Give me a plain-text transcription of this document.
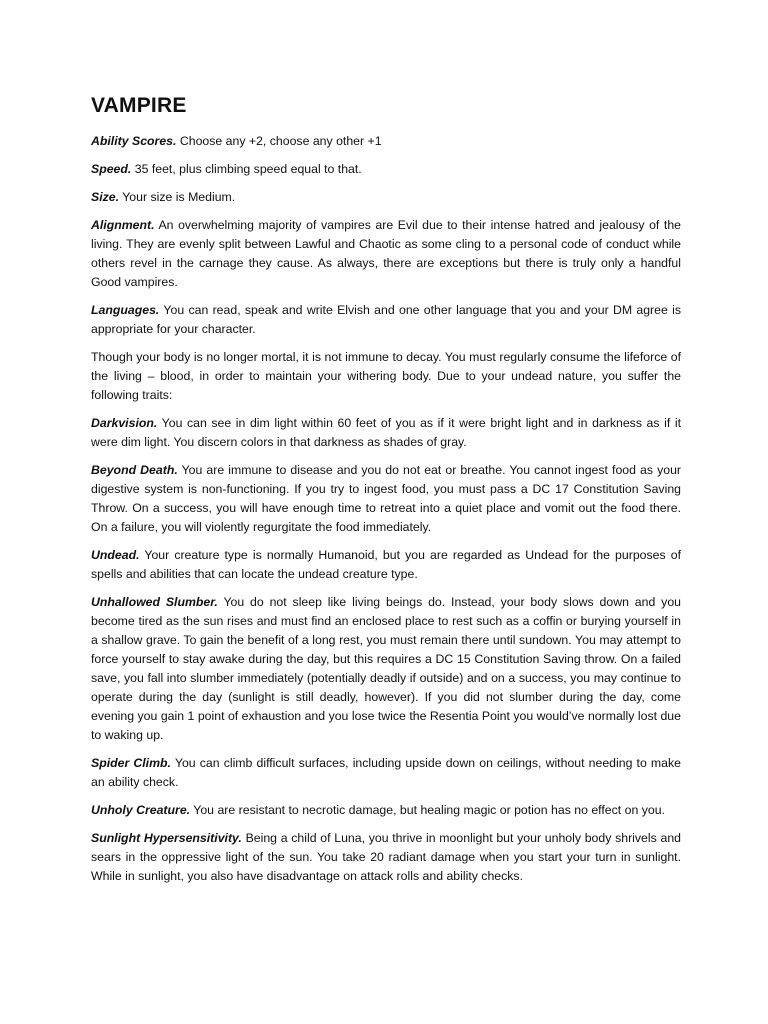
VAMPIRE

Ability Scores. Choose any +2, choose any other +1

Speed. 35 feet, plus climbing speed equal to that.

Size. Your size is Medium.

Alignment. An overwhelming majority of vampires are Evil due to their intense hatred and jealousy of the living. They are evenly split between Lawful and Chaotic as some cling to a personal code of conduct while others revel in the carnage they cause. As always, there are exceptions but there is truly only a handful Good vampires.

Languages. You can read, speak and write Elvish and one other language that you and your DM agree is appropriate for your character.

Though your body is no longer mortal, it is not immune to decay. You must regularly consume the lifeforce of the living – blood, in order to maintain your withering body. Due to your undead nature, you suffer the following traits:

Darkvision. You can see in dim light within 60 feet of you as if it were bright light and in darkness as if it were dim light. You discern colors in that darkness as shades of gray.

Beyond Death. You are immune to disease and you do not eat or breathe. You cannot ingest food as your digestive system is non-functioning. If you try to ingest food, you must pass a DC 17 Constitution Saving Throw. On a success, you will have enough time to retreat into a quiet place and vomit out the food there. On a failure, you will violently regurgitate the food immediately.

Undead. Your creature type is normally Humanoid, but you are regarded as Undead for the purposes of spells and abilities that can locate the undead creature type.

Unhallowed Slumber. You do not sleep like living beings do. Instead, your body slows down and you become tired as the sun rises and must find an enclosed place to rest such as a coffin or burying yourself in a shallow grave. To gain the benefit of a long rest, you must remain there until sundown. You may attempt to force yourself to stay awake during the day, but this requires a DC 15 Constitution Saving throw. On a failed save, you fall into slumber immediately (potentially deadly if outside) and on a success, you may continue to operate during the day (sunlight is still deadly, however). If you did not slumber during the day, come evening you gain 1 point of exhaustion and you lose twice the Resentia Point you would’ve normally lost due to waking up.

Spider Climb. You can climb difficult surfaces, including upside down on ceilings, without needing to make an ability check.

Unholy Creature. You are resistant to necrotic damage, but healing magic or potion has no effect on you.

Sunlight Hypersensitivity. Being a child of Luna, you thrive in moonlight but your unholy body shrivels and sears in the oppressive light of the sun. You take 20 radiant damage when you start your turn in sunlight. While in sunlight, you also have disadvantage on attack rolls and ability checks.
